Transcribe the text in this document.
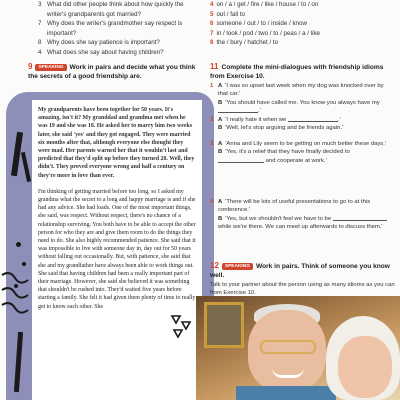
3 What did other people think about how quickly the
writer's grandparents got married?
7 Why does the writer's grandmother say respect is
important?
8 Why does she say patience is important?
4 What does she say about having children?
9 SPEAKING Work in pairs and decide what you think the secrets of a good friendship are.

My grandparents have been together for 50 years. It's amazing, isn't it? My granddad and grandma met when he was 19 and she was 18. He asked her to marry him two weeks later, she said 'yes' and they got engaged. They were married six months after that, although everyone else thought they were mad. Her parents warned her that it wouldn't last and predicted that they'd split up before they turned 20. Well, they didn't. They proved everyone wrong and half a century on they're more in love than ever.

I'm thinking of getting married before too long, so I asked my grandma what the secret to a long and happy marriage is and if she had any advice. She had loads. One of the most important things, she said, was respect. Without respect, there's no chance of a relationship surviving. You both have to be able to accept the other person for who they are and give them room to do the things they need to do. She also highly recommended patience. She said that it was impossible to live with someone day in, day out for 50 years without falling out occasionally. But, with patience, she said that she and my grandfather have always been able to work things out. She said that having children had been a really important part of their marriage. However, she said she believed it was something that shouldn't be rushed into. They'd waited five years before starting a family. She felt it had given them plenty of time to really get to know each other. She

4 on / a / get / fire / like / house / to / on
5 out / fall to
6 someone / out / to / inside / know
7 in / look / pod / two / to / peas / a / like
8 the / bury / hatchet / to
11 Complete the mini-dialogues with friendship idioms from Exercise 10.
1 A 'I was so upset last week when my dog was knocked over by that car.'
B 'You should have called me. You know you always have my .'
2 A 'I really hate it when we	.'
B 'Well, let's stop arguing and be friends again.'
3 A 'Anna and Lily seem to be getting on much better these days.'
B 'Yes, it's a relief that they have finally decided to  and cooperate at work.'
4 A 'There will be lots of useful presentations to go to at this conference.'
B 'Yes, but we shouldn't feel we have to be  while we're there. We can meet up afterwards to discuss them.'
12 SPEAKING Work in pairs. Think of someone you know well.
Talk to your partner about the person using as many idioms as you can from Exercise 10.
